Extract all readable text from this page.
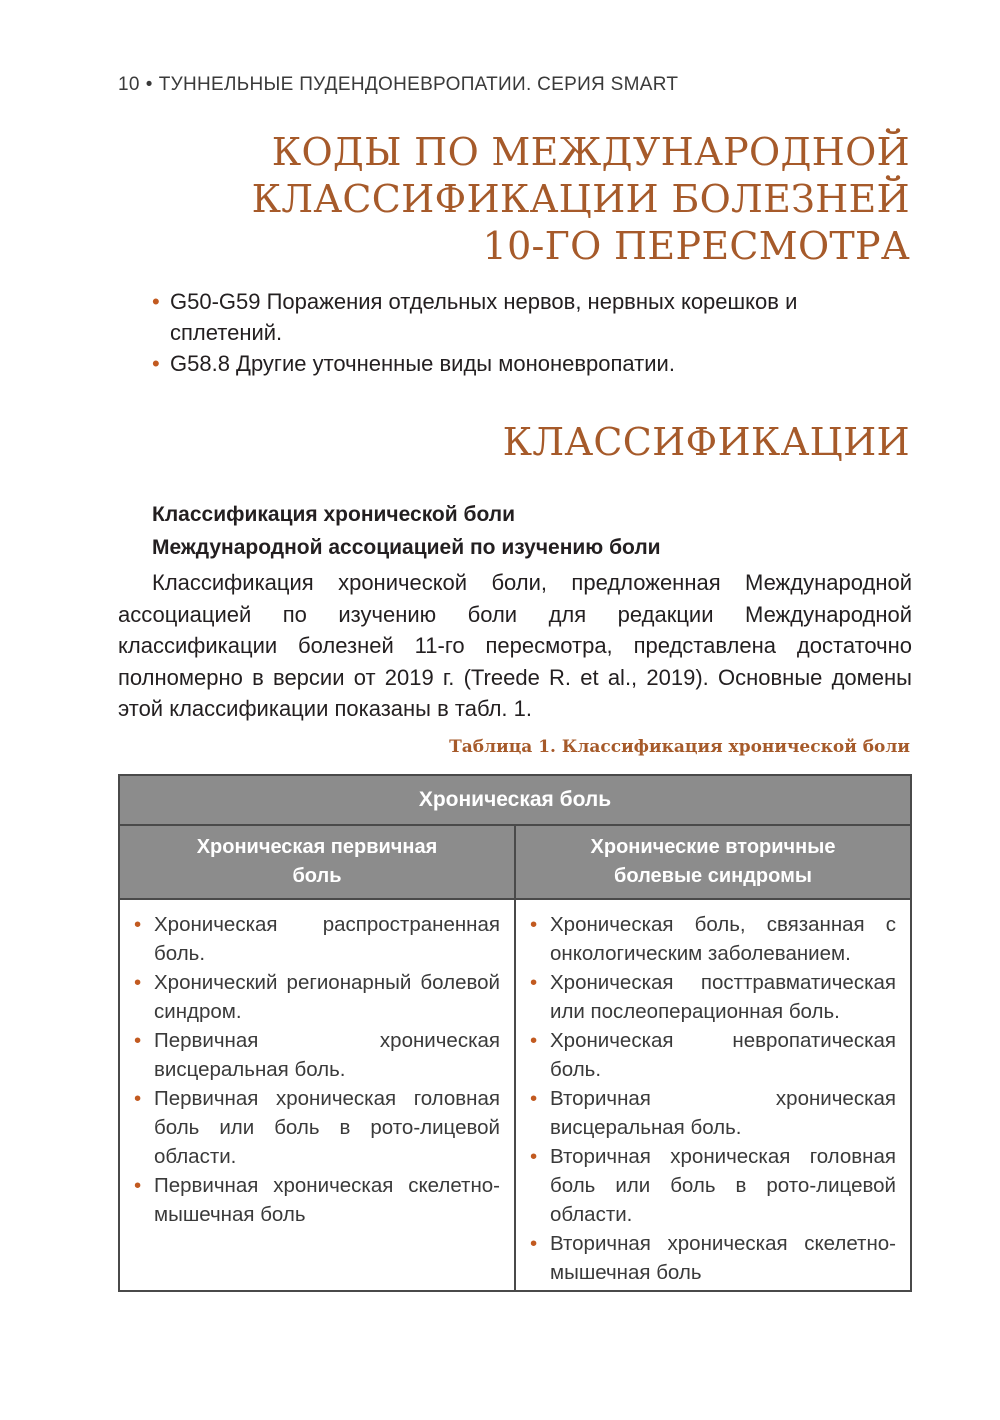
10 • ТУННЕЛЬНЫЕ ПУДЕНДОНЕВРОПАТИИ. СЕРИЯ SMART
КОДЫ ПО МЕЖДУНАРОДНОЙ
КЛАССИФИКАЦИИ БОЛЕЗНЕЙ
10-ГО ПЕРЕСМОТРА
• G50-G59 Поражения отдельных нервов, нервных корешков и сплетений.
• G58.8 Другие уточненные виды мононевропатии.
КЛАССИФИКАЦИИ
Классификация хронической боли
Международной ассоциацией по изучению боли

Классификация хронической боли, предложенная Международной ассоциацией по изучению боли для редакции Международной классификации болезней 11-го пересмотра, представлена достаточно полномерно в версии от 2019 г. (Treede R. et al., 2019). Основные домены этой классификации показаны в табл. 1.

Таблица 1. Классификация хронической боли
Хроническая боль
Хроническая первичная
боль
Хронические вторичные
болевые синдромы
• Хроническая распространенная боль.
• Хронический регионарный болевой синдром.
• Первичная хроническая висцеральная боль.
• Первичная хроническая головная боль или боль в рото-лицевой области.
• Первичная хроническая скелетно-мышечная боль
• Хроническая боль, связанная с онкологическим заболеванием.
• Хроническая посттравматическая или послеоперационная боль.
• Хроническая невропатическая боль.
• Вторичная хроническая висцеральная боль.
• Вторичная хроническая головная боль или боль в рото-лицевой области.
• Вторичная хроническая скелетно-мышечная боль
